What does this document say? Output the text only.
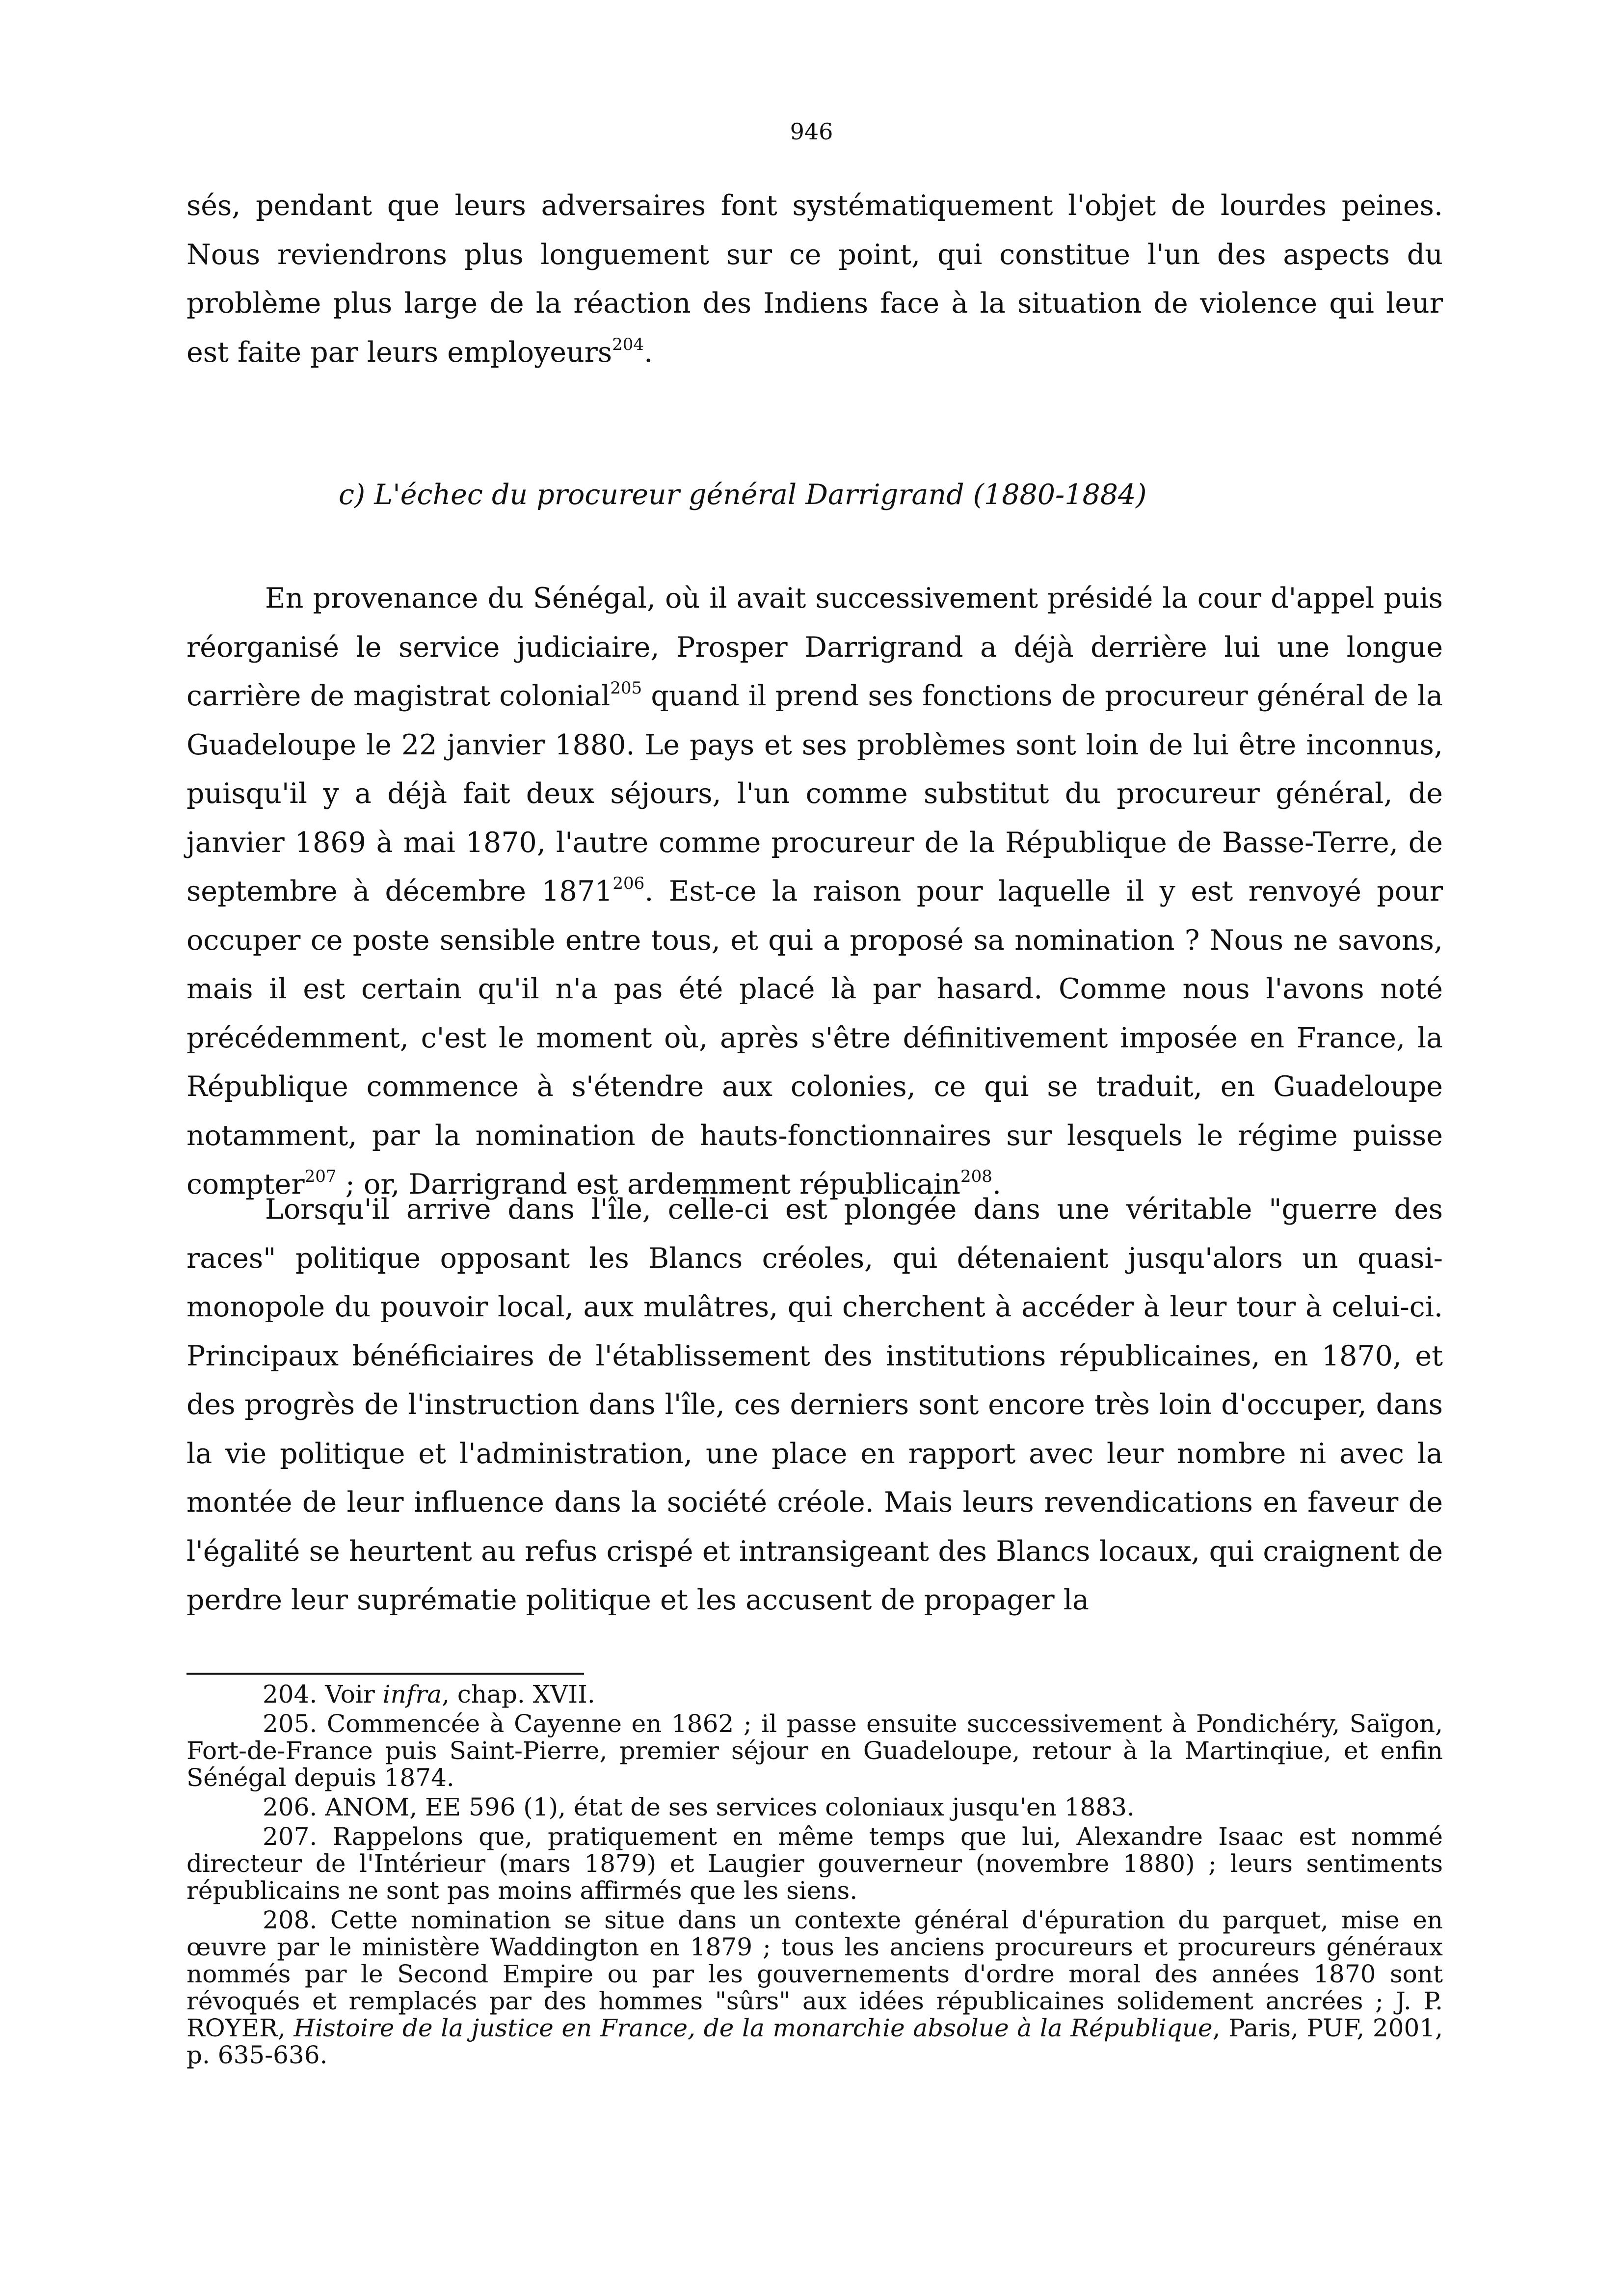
946

sés, pendant que leurs adversaires font systématiquement l'objet de lourdes peines. Nous reviendrons plus longuement sur ce point, qui constitue l'un des aspects du problème plus large de la réaction des Indiens face à la situation de violence qui leur est faite par leurs employeurs$^{204}$.

c) L'échec du procureur général Darrigrand (1880-1884)

En provenance du Sénégal, où il avait successivement présidé la cour d'appel puis réorganisé le service judiciaire, Prosper Darrigrand a déjà derrière lui une longue carrière de magistrat colonial$^{205}$ quand il prend ses fonctions de procureur général de la Guadeloupe le 22 janvier 1880. Le pays et ses problèmes sont loin de lui être inconnus, puisqu'il y a déjà fait deux séjours, l'un comme substitut du procureur général, de janvier 1869 à mai 1870, l'autre comme procureur de la République de Basse-Terre, de septembre à décembre 1871$^{206}$. Est-ce la raison pour laquelle il y est renvoyé pour occuper ce poste sensible entre tous, et qui a proposé sa nomination ? Nous ne savons, mais il est certain qu'il n'a pas été placé là par hasard. Comme nous l'avons noté précédemment, c'est le moment où, après s'être définitivement imposée en France, la République commence à s'étendre aux colonies, ce qui se traduit, en Guadeloupe notamment, par la nomination de hauts-fonctionnaires sur lesquels le régime puisse compter$^{207}$ ; or, Darrigrand est ardemment républicain$^{208}$.

Lorsqu'il arrive dans l'île, celle-ci est plongée dans une véritable "guerre des races" politique opposant les Blancs créoles, qui détenaient jusqu'alors un quasi-monopole du pouvoir local, aux mulâtres, qui cherchent à accéder à leur tour à celui-ci. Principaux bénéficiaires de l'établissement des institutions républicaines, en 1870, et des progrès de l'instruction dans l'île, ces derniers sont encore très loin d'occuper, dans la vie politique et l'administration, une place en rapport avec leur nombre ni avec la montée de leur influence dans la société créole. Mais leurs revendications en faveur de l'égalité se heurtent au refus crispé et intransigeant des Blancs locaux, qui craignent de perdre leur suprématie politique et les accusent de propager la

204. Voir infra, chap. XVII.

205. Commencée à Cayenne en 1862 ; il passe ensuite successivement à Pondichéry, Saïgon, Fort-de-France puis Saint-Pierre, premier séjour en Guadeloupe, retour à la Martinqiue, et enfin Sénégal depuis 1874.

206. ANOM, EE 596 (1), état de ses services coloniaux jusqu'en 1883.

207. Rappelons que, pratiquement en même temps que lui, Alexandre Isaac est nommé directeur de l'Intérieur (mars 1879) et Laugier gouverneur (novembre 1880) ; leurs sentiments républicains ne sont pas moins affirmés que les siens.

208. Cette nomination se situe dans un contexte général d'épuration du parquet, mise en œuvre par le ministère Waddington en 1879 ; tous les anciens procureurs et procureurs généraux nommés par le Second Empire ou par les gouvernements d'ordre moral des années 1870 sont révoqués et remplacés par des hommes "sûrs" aux idées républicaines solidement ancrées ; J. P. ROYER, Histoire de la justice en France, de la monarchie absolue à la République, Paris, PUF, 2001, p. 635-636.
